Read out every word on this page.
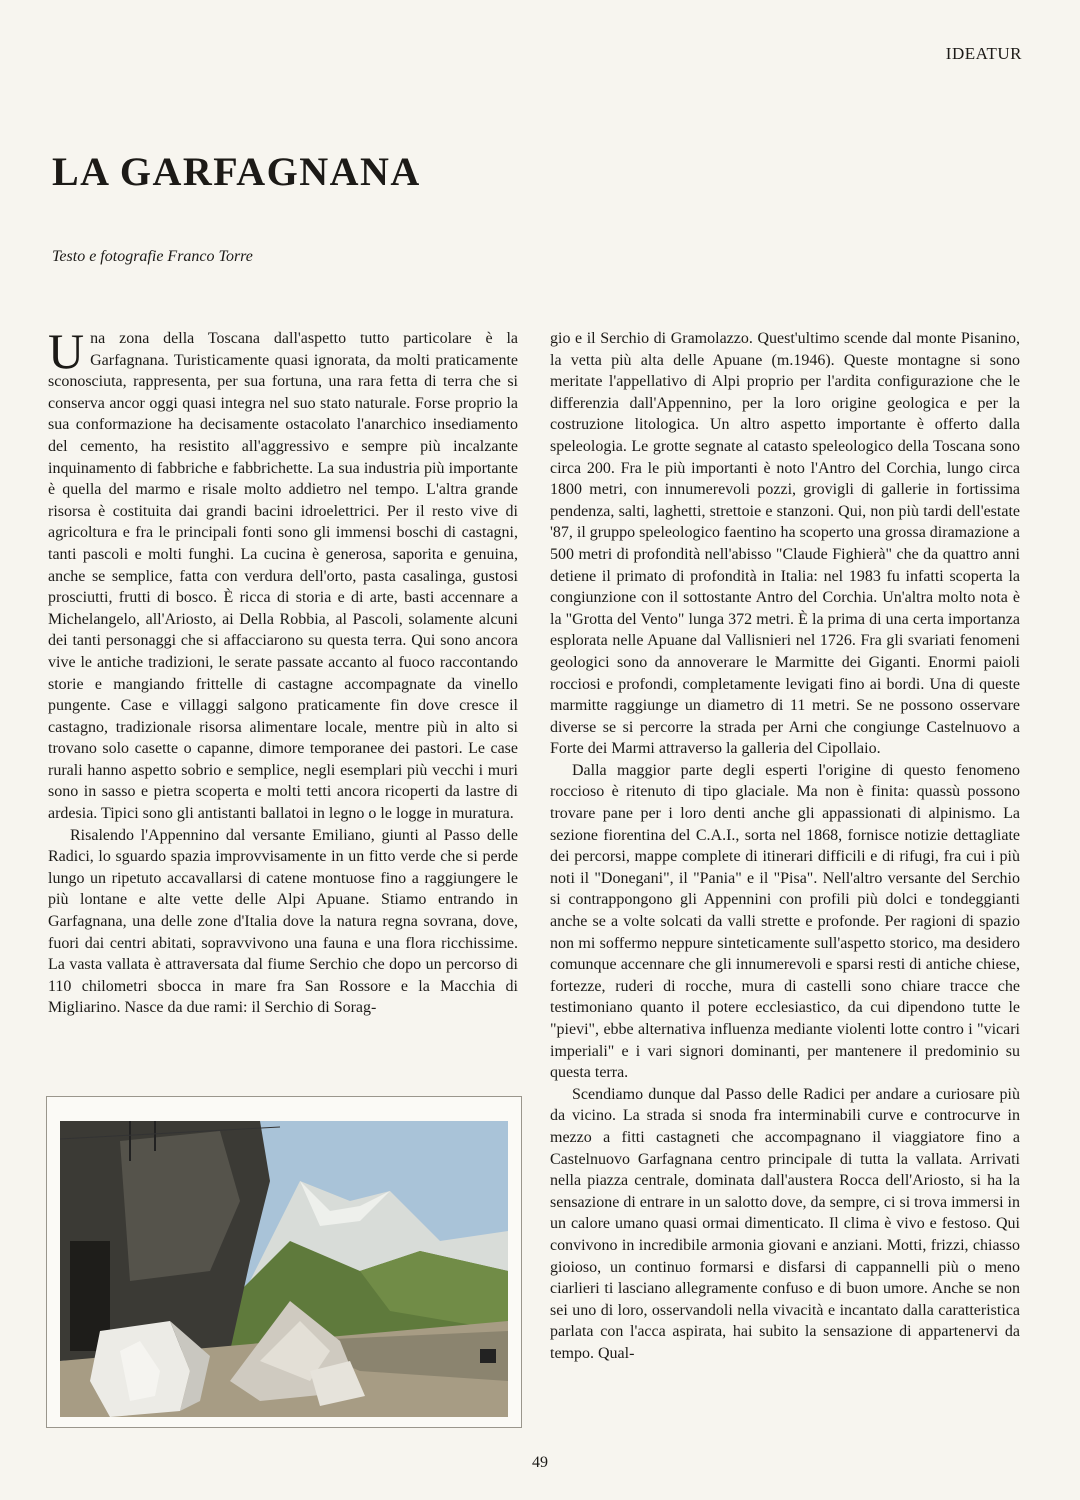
IDEATUR
LA GARFAGNANA
Testo e fotografie Franco Torre

Una zona della Toscana dall'aspetto tutto particolare è la Garfagnana. Turisticamente quasi ignorata, da molti praticamente sconosciuta, rappresenta, per sua fortuna, una rara fetta di terra che si conserva ancor oggi quasi integra nel suo stato naturale. Forse proprio la sua conformazione ha decisamente ostacolato l'anarchico insediamento del cemento, ha resistito all'aggressivo e sempre più incalzante inquinamento di fabbriche e fabbrichette. La sua industria più importante è quella del marmo e risale molto addietro nel tempo. L'altra grande risorsa è costituita dai grandi bacini idroelettrici. Per il resto vive di agricoltura e fra le principali fonti sono gli immensi boschi di castagni, tanti pascoli e molti funghi. La cucina è generosa, saporita e genuina, anche se semplice, fatta con verdura dell'orto, pasta casalinga, gustosi prosciutti, frutti di bosco. È ricca di storia e di arte, basti accennare a Michelangelo, all'Ariosto, ai Della Robbia, al Pascoli, solamente alcuni dei tanti personaggi che si affacciarono su questa terra. Qui sono ancora vive le antiche tradizioni, le serate passate accanto al fuoco raccontando storie e mangiando frittelle di castagne accompagnate da vinello pungente. Case e villaggi salgono praticamente fin dove cresce il castagno, tradizionale risorsa alimentare locale, mentre più in alto si trovano solo casette o capanne, dimore temporanee dei pastori. Le case rurali hanno aspetto sobrio e semplice, negli esemplari più vecchi i muri sono in sasso e pietra scoperta e molti tetti ancora ricoperti da lastre di ardesia. Tipici sono gli antistanti ballatoi in legno o le logge in muratura.

Risalendo l'Appennino dal versante Emiliano, giunti al Passo delle Radici, lo sguardo spazia improvvisamente in un fitto verde che si perde lungo un ripetuto accavallarsi di catene montuose fino a raggiungere le più lontane e alte vette delle Alpi Apuane. Stiamo entrando in Garfagnana, una delle zone d'Italia dove la natura regna sovrana, dove, fuori dai centri abitati, sopravvivono una fauna e una flora ricchissime. La vasta vallata è attraversata dal fiume Serchio che dopo un percorso di 110 chilometri sbocca in mare fra San Rossore e la Macchia di Migliarino. Nasce da due rami: il Serchio di Sorag-

gio e il Serchio di Gramolazzo. Quest'ultimo scende dal monte Pisanino, la vetta più alta delle Apuane (m.1946). Queste montagne si sono meritate l'appellativo di Alpi proprio per l'ardita configurazione che le differenzia dall'Appennino, per la loro origine geologica e per la costruzione litologica. Un altro aspetto importante è offerto dalla speleologia. Le grotte segnate al catasto speleologico della Toscana sono circa 200. Fra le più importanti è noto l'Antro del Corchia, lungo circa 1800 metri, con innumerevoli pozzi, grovigli di gallerie in fortissima pendenza, salti, laghetti, strettoie e stanzoni. Qui, non più tardi dell'estate '87, il gruppo speleologico faentino ha scoperto una grossa diramazione a 500 metri di profondità nell'abisso "Claude Fighierà" che da quattro anni detiene il primato di profondità in Italia: nel 1983 fu infatti scoperta la congiunzione con il sottostante Antro del Corchia. Un'altra molto nota è la "Grotta del Vento" lunga 372 metri. È la prima di una certa importanza esplorata nelle Apuane dal Vallisnieri nel 1726. Fra gli svariati fenomeni geologici sono da annoverare le Marmitte dei Giganti. Enormi paioli rocciosi e profondi, completamente levigati fino ai bordi. Una di queste marmitte raggiunge un diametro di 11 metri. Se ne possono osservare diverse se si percorre la strada per Arni che congiunge Castelnuovo a Forte dei Marmi attraverso la galleria del Cipollaio.

Dalla maggior parte degli esperti l'origine di questo fenomeno roccioso è ritenuto di tipo glaciale. Ma non è finita: quassù possono trovare pane per i loro denti anche gli appassionati di alpinismo. La sezione fiorentina del C.A.I., sorta nel 1868, fornisce notizie dettagliate dei percorsi, mappe complete di itinerari difficili e di rifugi, fra cui i più noti il "Donegani", il "Pania" e il "Pisa". Nell'altro versante del Serchio si contrappongono gli Appennini con profili più dolci e tondeggianti anche se a volte solcati da valli strette e profonde. Per ragioni di spazio non mi soffermo neppure sinteticamente sull'aspetto storico, ma desidero comunque accennare che gli innumerevoli e sparsi resti di antiche chiese, fortezze, ruderi di rocche, mura di castelli sono chiare tracce che testimoniano quanto il potere ecclesiastico, da cui dipendono tutte le "pievi", ebbe alternativa influenza mediante violenti lotte contro i "vicari imperiali" e i vari signori dominanti, per mantenere il predominio su questa terra.

Scendiamo dunque dal Passo delle Radici per andare a curiosare più da vicino. La strada si snoda fra interminabili curve e controcurve in mezzo a fitti castagneti che accompagnano il viaggiatore fino a Castelnuovo Garfagnana centro principale di tutta la vallata. Arrivati nella piazza centrale, dominata dall'austera Rocca dell'Ariosto, si ha la sensazione di entrare in un salotto dove, da sempre, ci si trova immersi in un calore umano quasi ormai dimenticato. Il clima è vivo e festoso. Qui convivono in incredibile armonia giovani e anziani. Motti, frizzi, chiasso gioioso, un continuo formarsi e disfarsi di cappannelli più o meno ciarlieri ti lasciano allegramente confuso e di buon umore. Anche se non sei uno di loro, osservandoli nella vivacità e incantato dalla caratteristica parlata con l'acca aspirata, hai subito la sensazione di appartenervi da tempo. Qual-

49
